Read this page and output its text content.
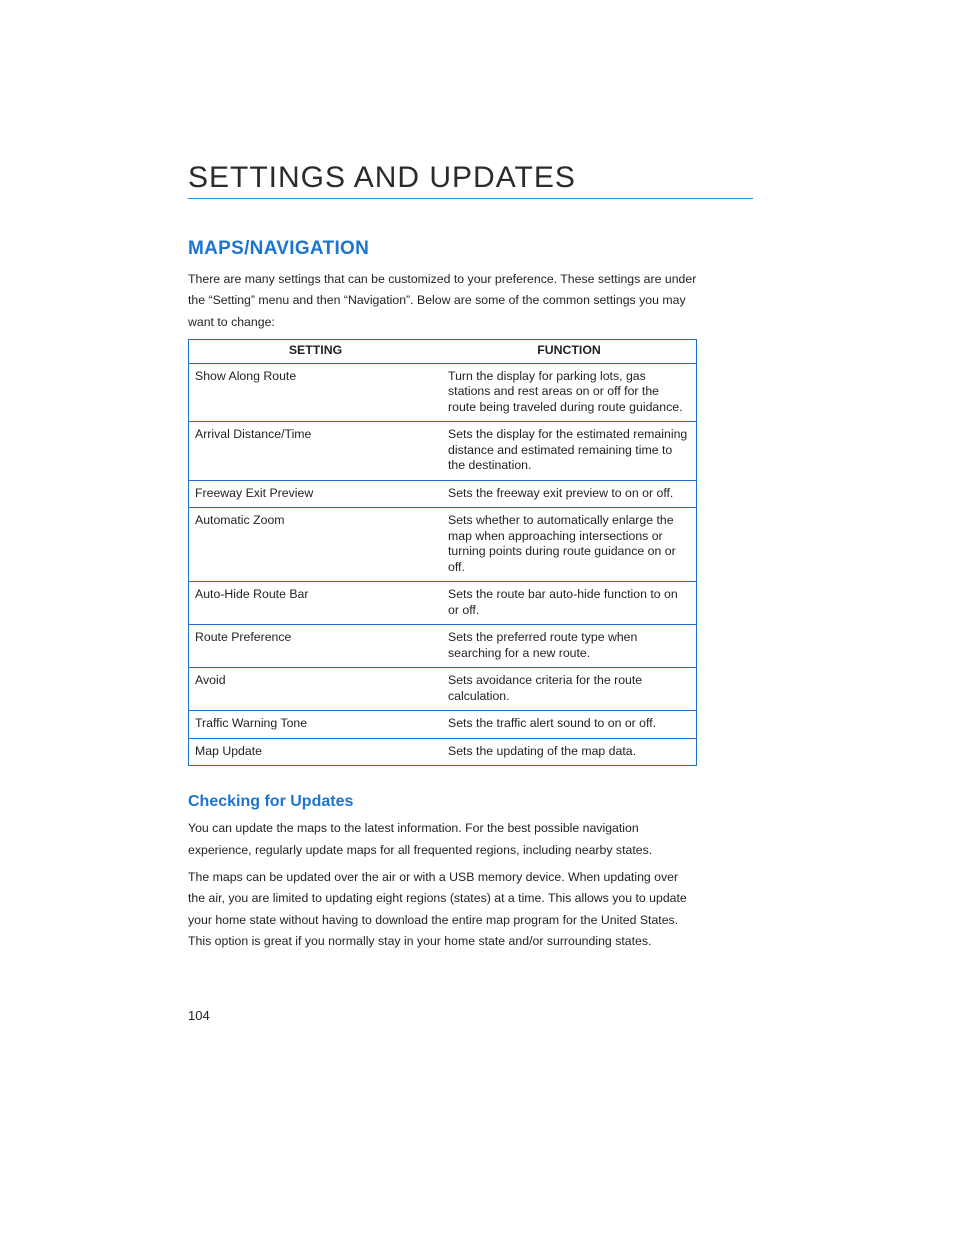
SETTINGS AND UPDATES
MAPS/NAVIGATION

There are many settings that can be customized to your preference. These settings are under the “Setting” menu and then “Navigation”. Below are some of the common settings you may want to change:

SETTING	FUNCTION
Show Along Route	Turn the display for parking lots, gas stations and rest areas on or off for the route being traveled during route guidance.
Arrival Distance/Time	Sets the display for the estimated remaining distance and estimated remaining time to the destination.
Freeway Exit Preview	Sets the freeway exit preview to on or off.
Automatic Zoom	Sets whether to automatically enlarge the map when approaching intersections or turning points during route guidance on or off.
Auto-Hide Route Bar	Sets the route bar auto-hide function to on or off.
Route Preference	Sets the preferred route type when searching for a new route.
Avoid	Sets avoidance criteria for the route calculation.
Traffic Warning Tone	Sets the traffic alert sound to on or off.
Map Update	Sets the updating of the map data.
Checking for Updates

You can update the maps to the latest information. For the best possible navigation experience, regularly update maps for all frequented regions, including nearby states.

The maps can be updated over the air or with a USB memory device. When updating over the air, you are limited to updating eight regions (states) at a time. This allows you to update your home state without having to download the entire map program for the United States. This option is great if you normally stay in your home state and/or surrounding states.

104
